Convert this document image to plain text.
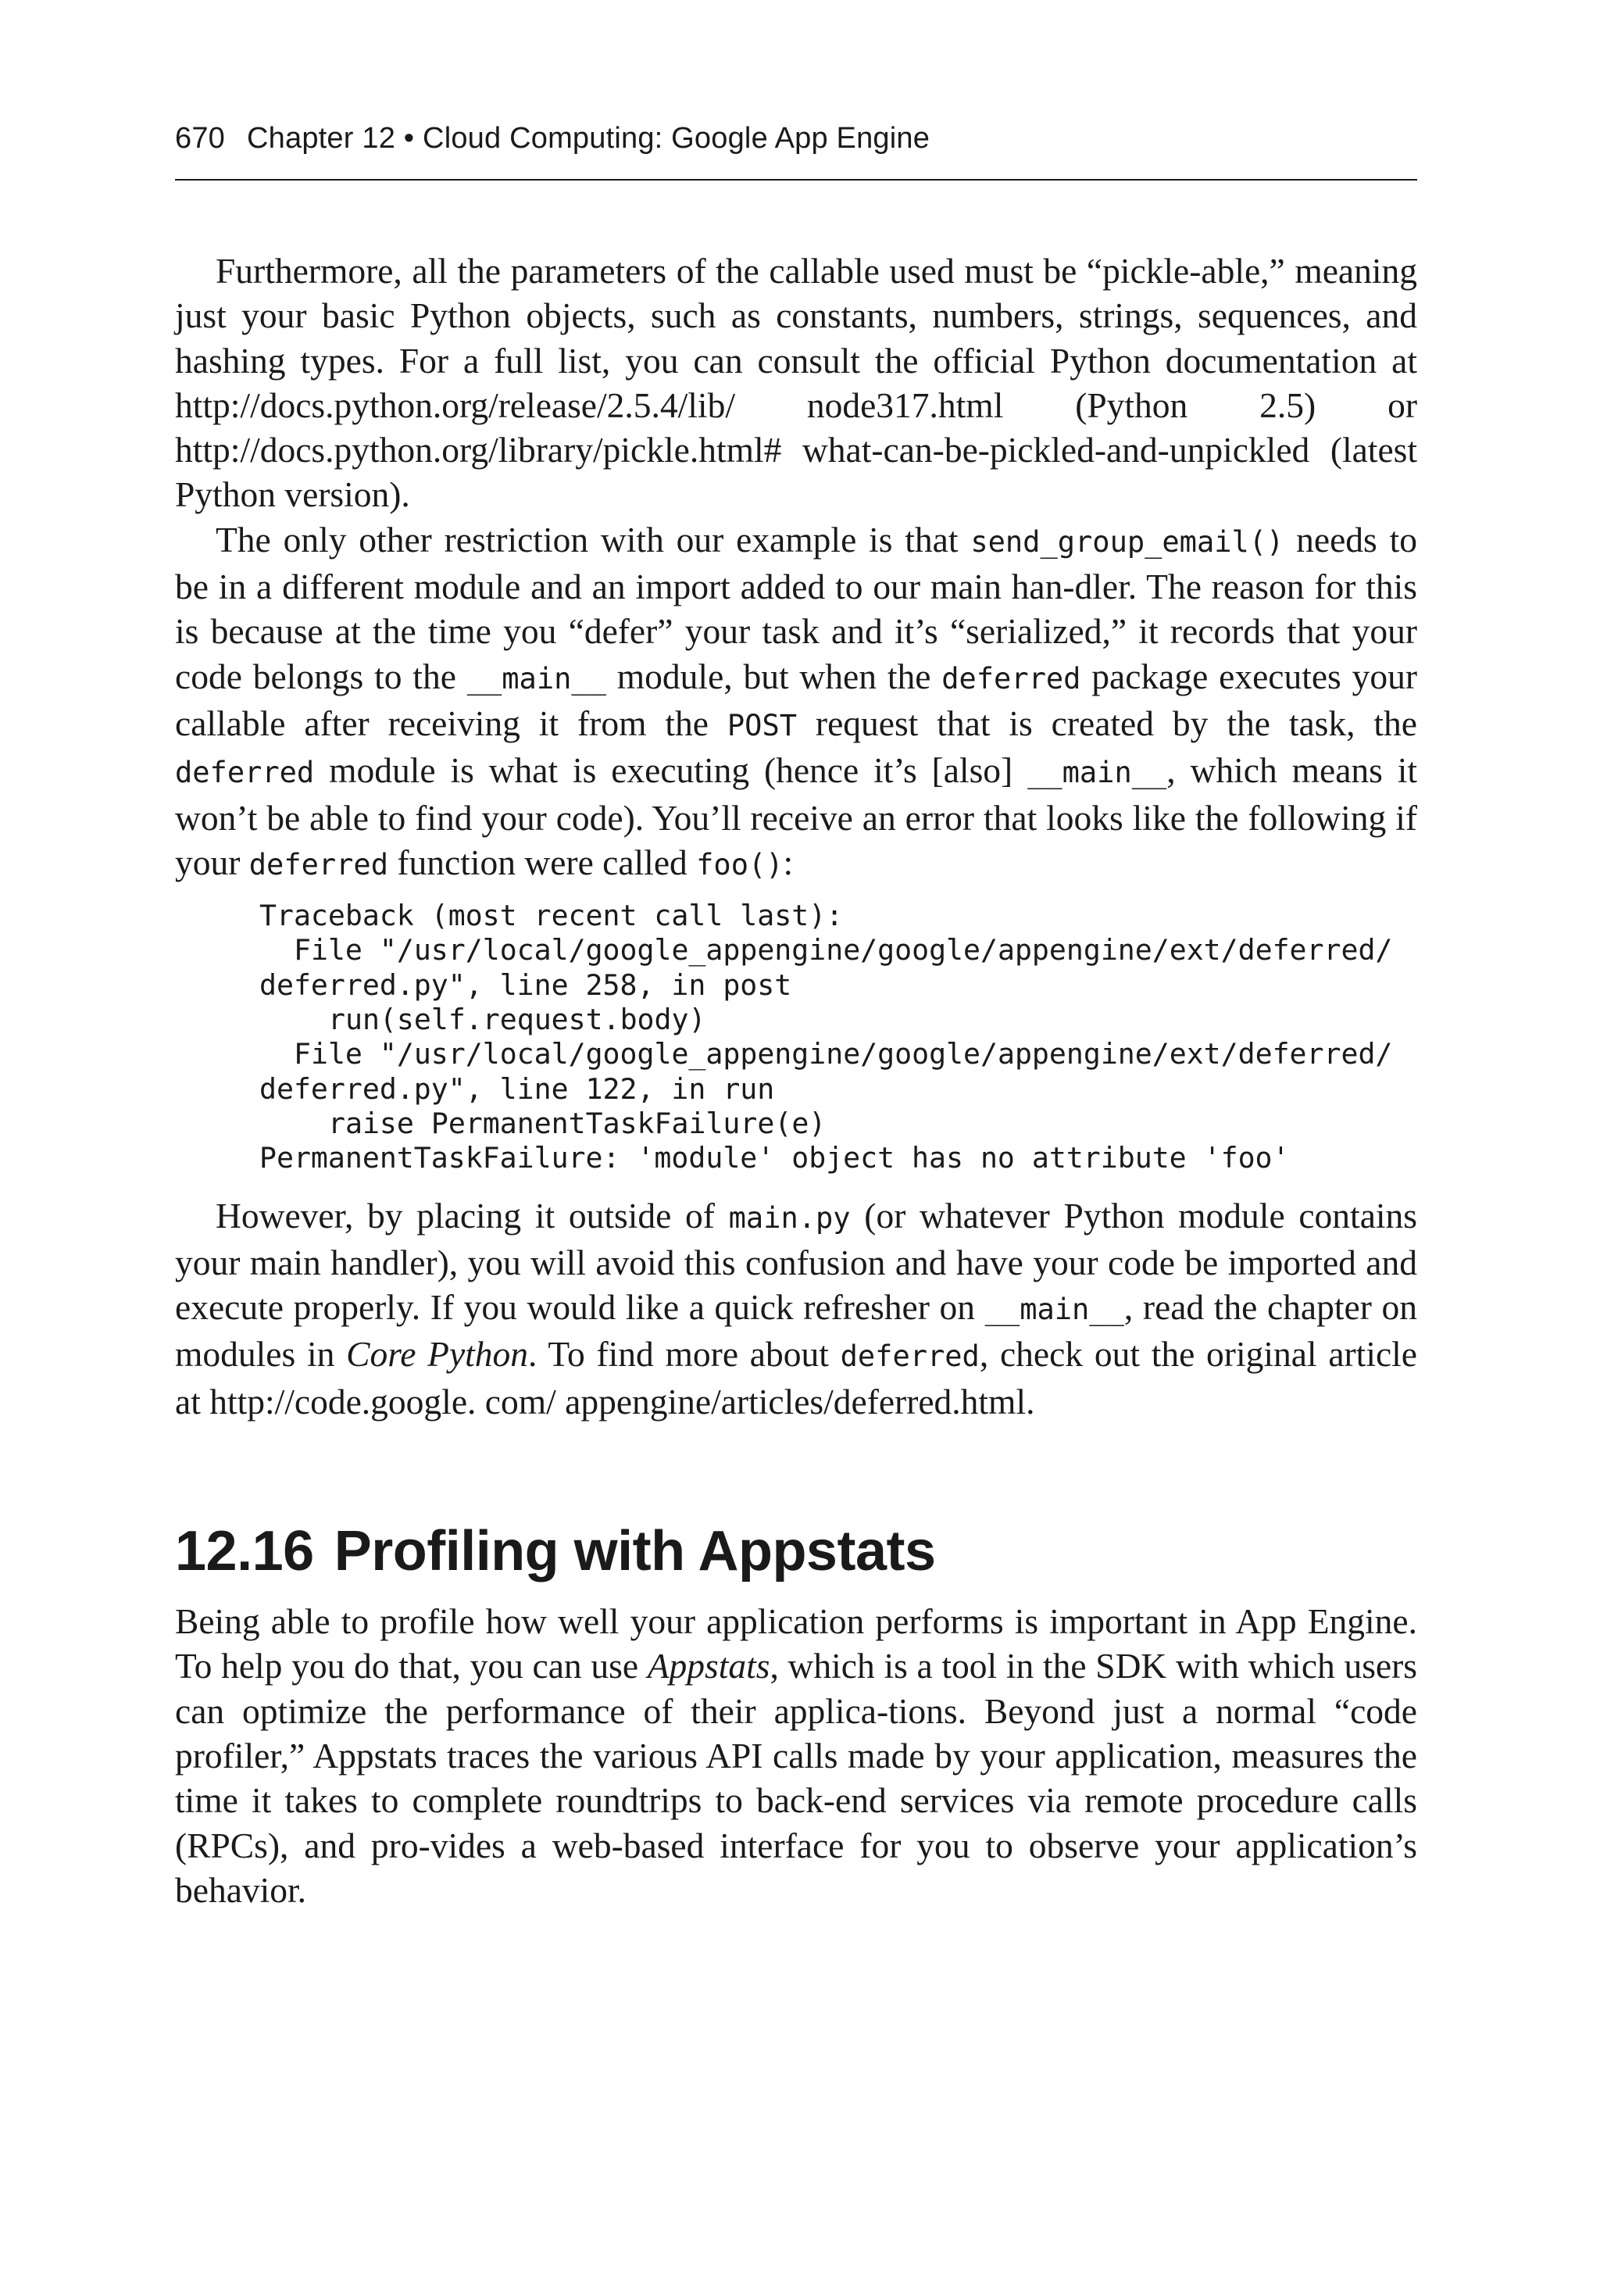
670 Chapter 12 • Cloud Computing: Google App Engine

Furthermore, all the parameters of the callable used must be “pickle-able,” meaning just your basic Python objects, such as constants, numbers, strings, sequences, and hashing types. For a full list, you can consult the official Python documentation at http://docs.python.org/release/2.5.4/lib/ node317.html (Python 2.5) or http://docs.python.org/library/pickle.html# what-can-be-pickled-and-unpickled (latest Python version).

The only other restriction with our example is that send_group_email() needs to be in a different module and an import added to our main han-dler. The reason for this is because at the time you “defer” your task and it’s “serialized,” it records that your code belongs to the __main__ module, but when the deferred package executes your callable after receiving it from the POST request that is created by the task, the deferred module is what is executing (hence it’s [also] __main__, which means it won’t be able to find your code). You’ll receive an error that looks like the following if your deferred function were called foo():

Traceback (most recent call last):
File "/usr/local/google_appengine/google/appengine/ext/deferred/
deferred.py", line 258, in post
run(self.request.body)
File "/usr/local/google_appengine/google/appengine/ext/deferred/
deferred.py", line 122, in run
raise PermanentTaskFailure(e)
PermanentTaskFailure: 'module' object has no attribute 'foo'

However, by placing it outside of main.py (or whatever Python module contains your main handler), you will avoid this confusion and have your code be imported and execute properly. If you would like a quick refresher on __main__, read the chapter on modules in Core Python. To find more about deferred, check out the original article at http://code.google. com/ appengine/articles/deferred.html.

12.16 Profiling with Appstats

Being able to profile how well your application performs is important in App Engine. To help you do that, you can use Appstats, which is a tool in the SDK with which users can optimize the performance of their applica-tions. Beyond just a normal “code profiler,” Appstats traces the various API calls made by your application, measures the time it takes to complete roundtrips to back-end services via remote procedure calls (RPCs), and pro-vides a web-based interface for you to observe your application’s behavior.
